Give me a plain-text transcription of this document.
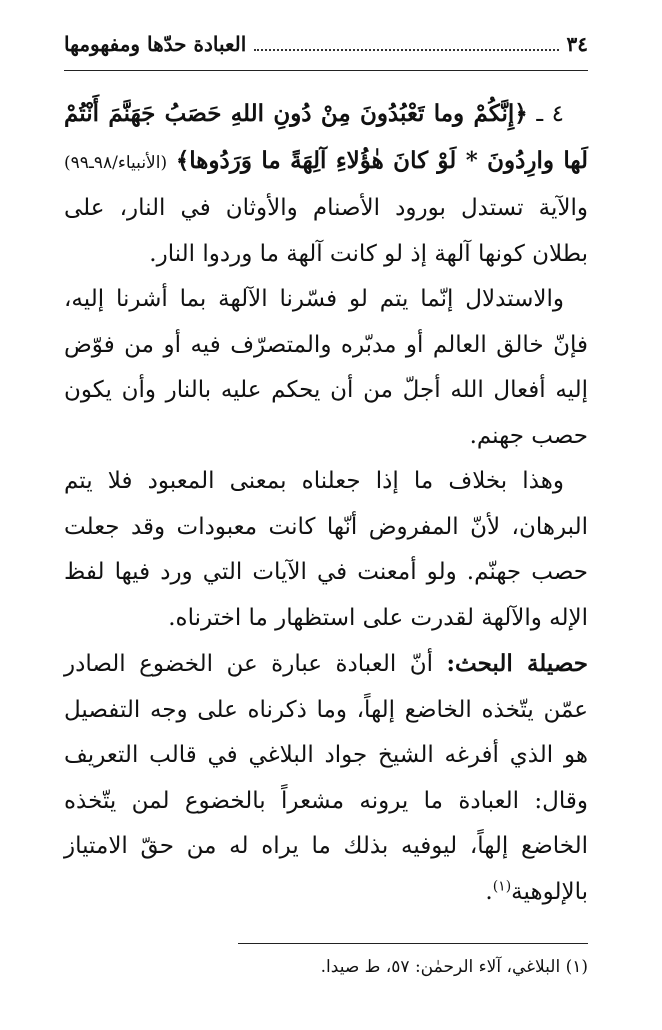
٣٤
العبادة حدّها ومفهومها

٤ ـ ﴿إِنَّكُمْ وما تَعْبُدُونَ مِنْ دُونِ اللهِ حَصَبُ جَهَنَّمَ أَنْتُمْ لَها وارِدُونَ * لَوْ كانَ هٰؤُلاءِ آلِهَةً ما وَرَدُوها﴾ (الأنبياء/٩٨ـ٩٩) والآية تستدل بورود الأصنام والأوثان في النار، على بطلان كونها آلهة إذ لو كانت آلهة ما وردوا النار.

والاستدلال إنّما يتم لو فسّرنا الآلهة بما أشرنا إليه، فإنّ خالق العالم أو مدبّره والمتصرّف فيه أو من فوّض إليه أفعال الله أجلّ من أن يحكم عليه بالنار وأن يكون حصب جهنم.

وهذا بخلاف ما إذا جعلناه بمعنى المعبود فلا يتم البرهان، لأنّ المفروض أنّها كانت معبودات وقد جعلت حصب جهنّم. ولو أمعنت في الآيات التي ورد فيها لفظ الإله والآلهة لقدرت على استظهار ما اخترناه.

حصيلة البحث: أنّ العبادة عبارة عن الخضوع الصادر عمّن يتّخذه الخاضع إلهاً، وما ذكرناه على وجه التفصيل هو الذي أفرغه الشيخ جواد البلاغي في قالب التعريف وقال: العبادة ما يرونه مشعراً بالخضوع لمن يتّخذه الخاضع إلهاً، ليوفيه بذلك ما يراه له من حقّ الامتياز بالإلوهية$^{(١)}$.

(١) البلاغي، آلاء الرحمٰن: ٥٧، ط صيدا.
